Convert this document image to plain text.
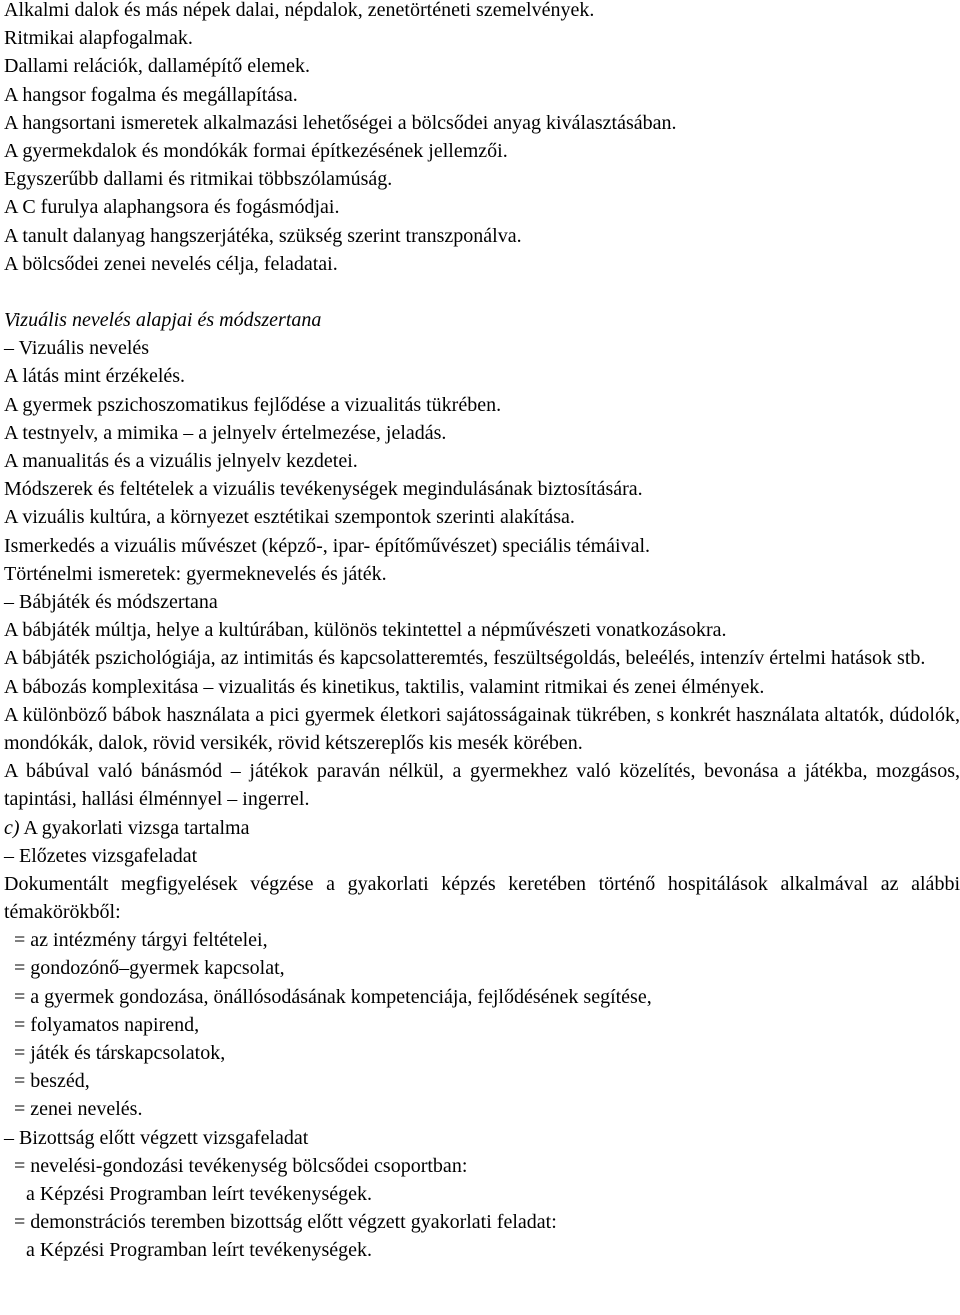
Alkalmi dalok és más népek dalai, népdalok, zenetörténeti szemelvények.
Ritmikai alapfogalmak.
Dallami relációk, dallamépítő elemek.
A hangsor fogalma és megállapítása.
A hangsortani ismeretek alkalmazási lehetőségei a bölcsődei anyag kiválasztásában.
A gyermekdalok és mondókák formai építkezésének jellemzői.
Egyszerűbb dallami és ritmikai többszólamúság.
A C furulya alaphangsora és fogásmódjai.
A tanult dalanyag hangszerjátéka, szükség szerint transzponálva.
A bölcsődei zenei nevelés célja, feladatai.
Vizuális nevelés alapjai és módszertana
– Vizuális nevelés
A látás mint érzékelés.
A gyermek pszichoszomatikus fejlődése a vizualitás tükrében.
A testnyelv, a mimika – a jelnyelv értelmezése, jeladás.
A manualitás és a vizuális jelnyelv kezdetei.
Módszerek és feltételek a vizuális tevékenységek megindulásának biztosítására.
A vizuális kultúra, a környezet esztétikai szempontok szerinti alakítása.
Ismerkedés a vizuális művészet (képző-, ipar- építőművészet) speciális témáival.
Történelmi ismeretek: gyermeknevelés és játék.
– Bábjáték és módszertana
A bábjáték múltja, helye a kultúrában, különös tekintettel a népművészeti vonatkozásokra.
A bábjáték pszichológiája, az intimitás és kapcsolatteremtés, feszültségoldás, beleélés, intenzív értelmi hatások stb.
A bábozás komplexitása – vizualitás és kinetikus, taktilis, valamint ritmikai és zenei élmények.
A különböző bábok használata a pici gyermek életkori sajátosságainak tükrében, s konkrét használata altatók, dúdolók, mondókák, dalok, rövid versikék, rövid kétszereplős kis mesék körében.
A bábúval való bánásmód – játékok paraván nélkül, a gyermekhez való közelítés, bevonása a játékba, mozgásos, tapintási, hallási élménnyel – ingerrel.
c) A gyakorlati vizsga tartalma
– Előzetes vizsgafeladat
Dokumentált megfigyelések végzése a gyakorlati képzés keretében történő hospitálások alkalmával az alábbi témakörökből:
= az intézmény tárgyi feltételei,
= gondozónő–gyermek kapcsolat,
= a gyermek gondozása, önállósodásának kompetenciája, fejlődésének segítése,
= folyamatos napirend,
= játék és társkapcsolatok,
= beszéd,
= zenei nevelés.
– Bizottság előtt végzett vizsgafeladat
= nevelési-gondozási tevékenység bölcsődei csoportban:
a Képzési Programban leírt tevékenységek.
= demonstrációs teremben bizottság előtt végzett gyakorlati feladat:
a Képzési Programban leírt tevékenységek.
